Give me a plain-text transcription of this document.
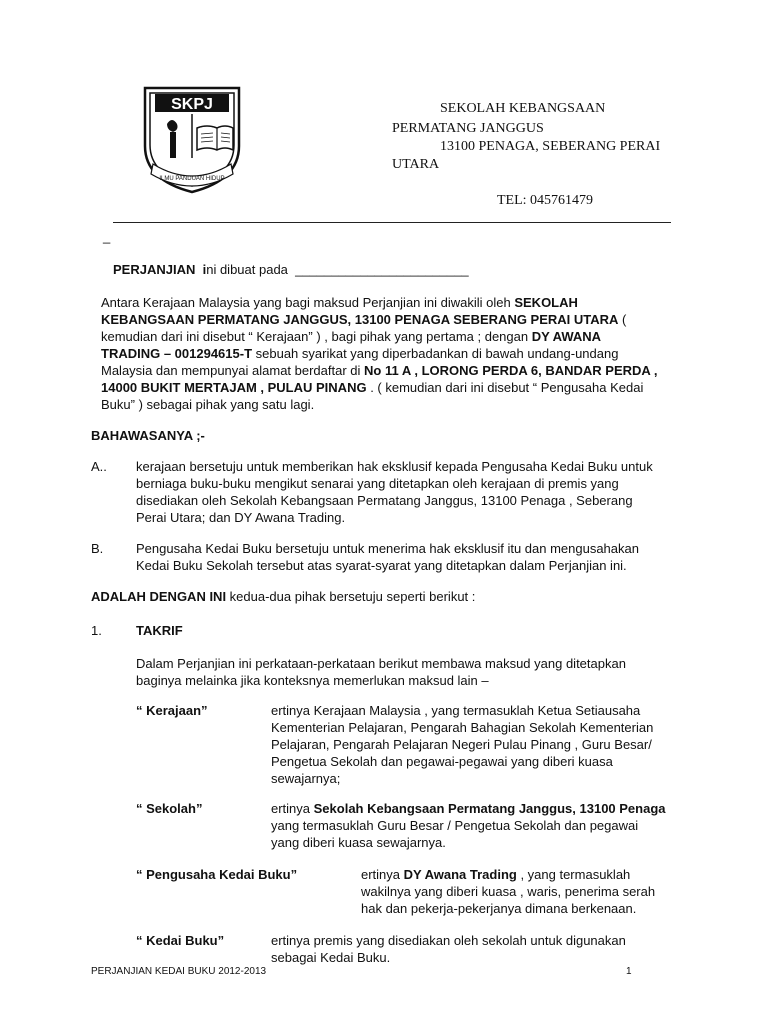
SKPJ
ILMU PANDUAN HIDUP
SEKOLAH KEBANGSAAN
PERMATANG JANGGUS
13100 PENAGA, SEBERANG PERAI
UTARA
TEL: 045761479
_
PERJANJIAN ini dibuat pada ________________________
Antara Kerajaan Malaysia yang bagi maksud Perjanjian ini diwakili oleh SEKOLAH KEBANGSAAN PERMATANG JANGGUS, 13100 PENAGA SEBERANG PERAI UTARA ( kemudian dari ini disebut “ Kerajaan” ) , bagi pihak yang pertama ; dengan DY AWANA TRADING – 001294615-T sebuah syarikat yang diperbadankan di bawah undang-undang Malaysia dan mempunyai alamat berdaftar di No 11 A , LORONG PERDA 6, BANDAR PERDA , 14000 BUKIT MERTAJAM , PULAU PINANG . ( kemudian dari ini disebut “ Pengusaha Kedai Buku” ) sebagai pihak yang satu lagi.
BAHAWASANYA ;-
A.. kerajaan bersetuju untuk memberikan hak eksklusif kepada Pengusaha Kedai Buku untuk berniaga buku-buku mengikut senarai yang ditetapkan oleh kerajaan di premis yang disediakan oleh Sekolah Kebangsaan Permatang Janggus, 13100 Penaga , Seberang Perai Utara; dan DY Awana Trading.
B.	Pengusaha Kedai Buku bersetuju untuk menerima hak eksklusif itu dan mengusahakan Kedai Buku Sekolah tersebut atas syarat-syarat yang ditetapkan dalam Perjanjian ini.
ADALAH DENGAN INI kedua-dua pihak bersetuju seperti berikut :
1.	TAKRIF
Dalam Perjanjian ini perkataan-perkataan berikut membawa maksud yang ditetapkan baginya melainka jika konteksnya memerlukan maksud lain –
“ Kerajaan”	ertinya Kerajaan Malaysia , yang termasuklah Ketua Setiausaha Kementerian Pelajaran, Pengarah Bahagian Sekolah Kementerian Pelajaran, Pengarah Pelajaran Negeri Pulau Pinang , Guru Besar/ Pengetua Sekolah dan pegawai-pegawai yang diberi kuasa sewajarnya;
“ Sekolah”	ertinya Sekolah Kebangsaan Permatang Janggus, 13100 Penaga yang termasuklah Guru Besar / Pengetua Sekolah dan pegawai yang diberi kuasa sewajarnya.
“ Pengusaha Kedai Buku”	ertinya DY Awana Trading , yang termasuklah wakilnya yang diberi kuasa , waris, penerima serah hak dan pekerja-pekerjanya dimana berkenaan.
“ Kedai Buku”	ertinya premis yang disediakan oleh sekolah untuk digunakan sebagai Kedai Buku.
PERJANJIAN KEDAI BUKU 2012-2013	1
